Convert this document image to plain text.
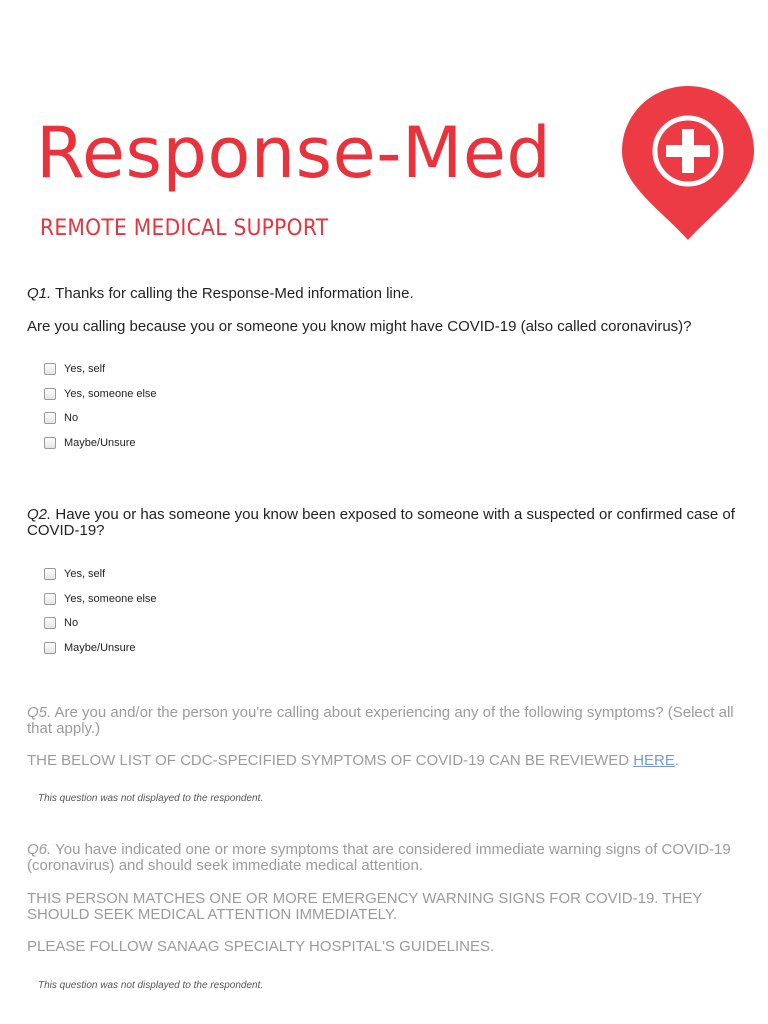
Response-Med
REMOTE MEDICAL SUPPORT
Q1. Thanks for calling the Response-Med information line.
Are you calling because you or someone you know might have COVID-19 (also called coronavirus)?
Yes, self
Yes, someone else
No
Maybe/Unsure
Q2. Have you or has someone you know been exposed to someone with a suspected or confirmed case of COVID-19?
Yes, self
Yes, someone else
No
Maybe/Unsure
Q5. Are you and/or the person you're calling about experiencing any of the following symptoms? (Select all that apply.)
THE BELOW LIST OF CDC-SPECIFIED SYMPTOMS OF COVID-19 CAN BE REVIEWED HERE.
This question was not displayed to the respondent.
Q6. You have indicated one or more symptoms that are considered immediate warning signs of COVID-19 (coronavirus) and should seek immediate medical attention.
THIS PERSON MATCHES ONE OR MORE EMERGENCY WARNING SIGNS FOR COVID-19. THEY SHOULD SEEK MEDICAL ATTENTION IMMEDIATELY.
PLEASE FOLLOW SANAAG SPECIALTY HOSPITAL'S GUIDELINES.
This question was not displayed to the respondent.
